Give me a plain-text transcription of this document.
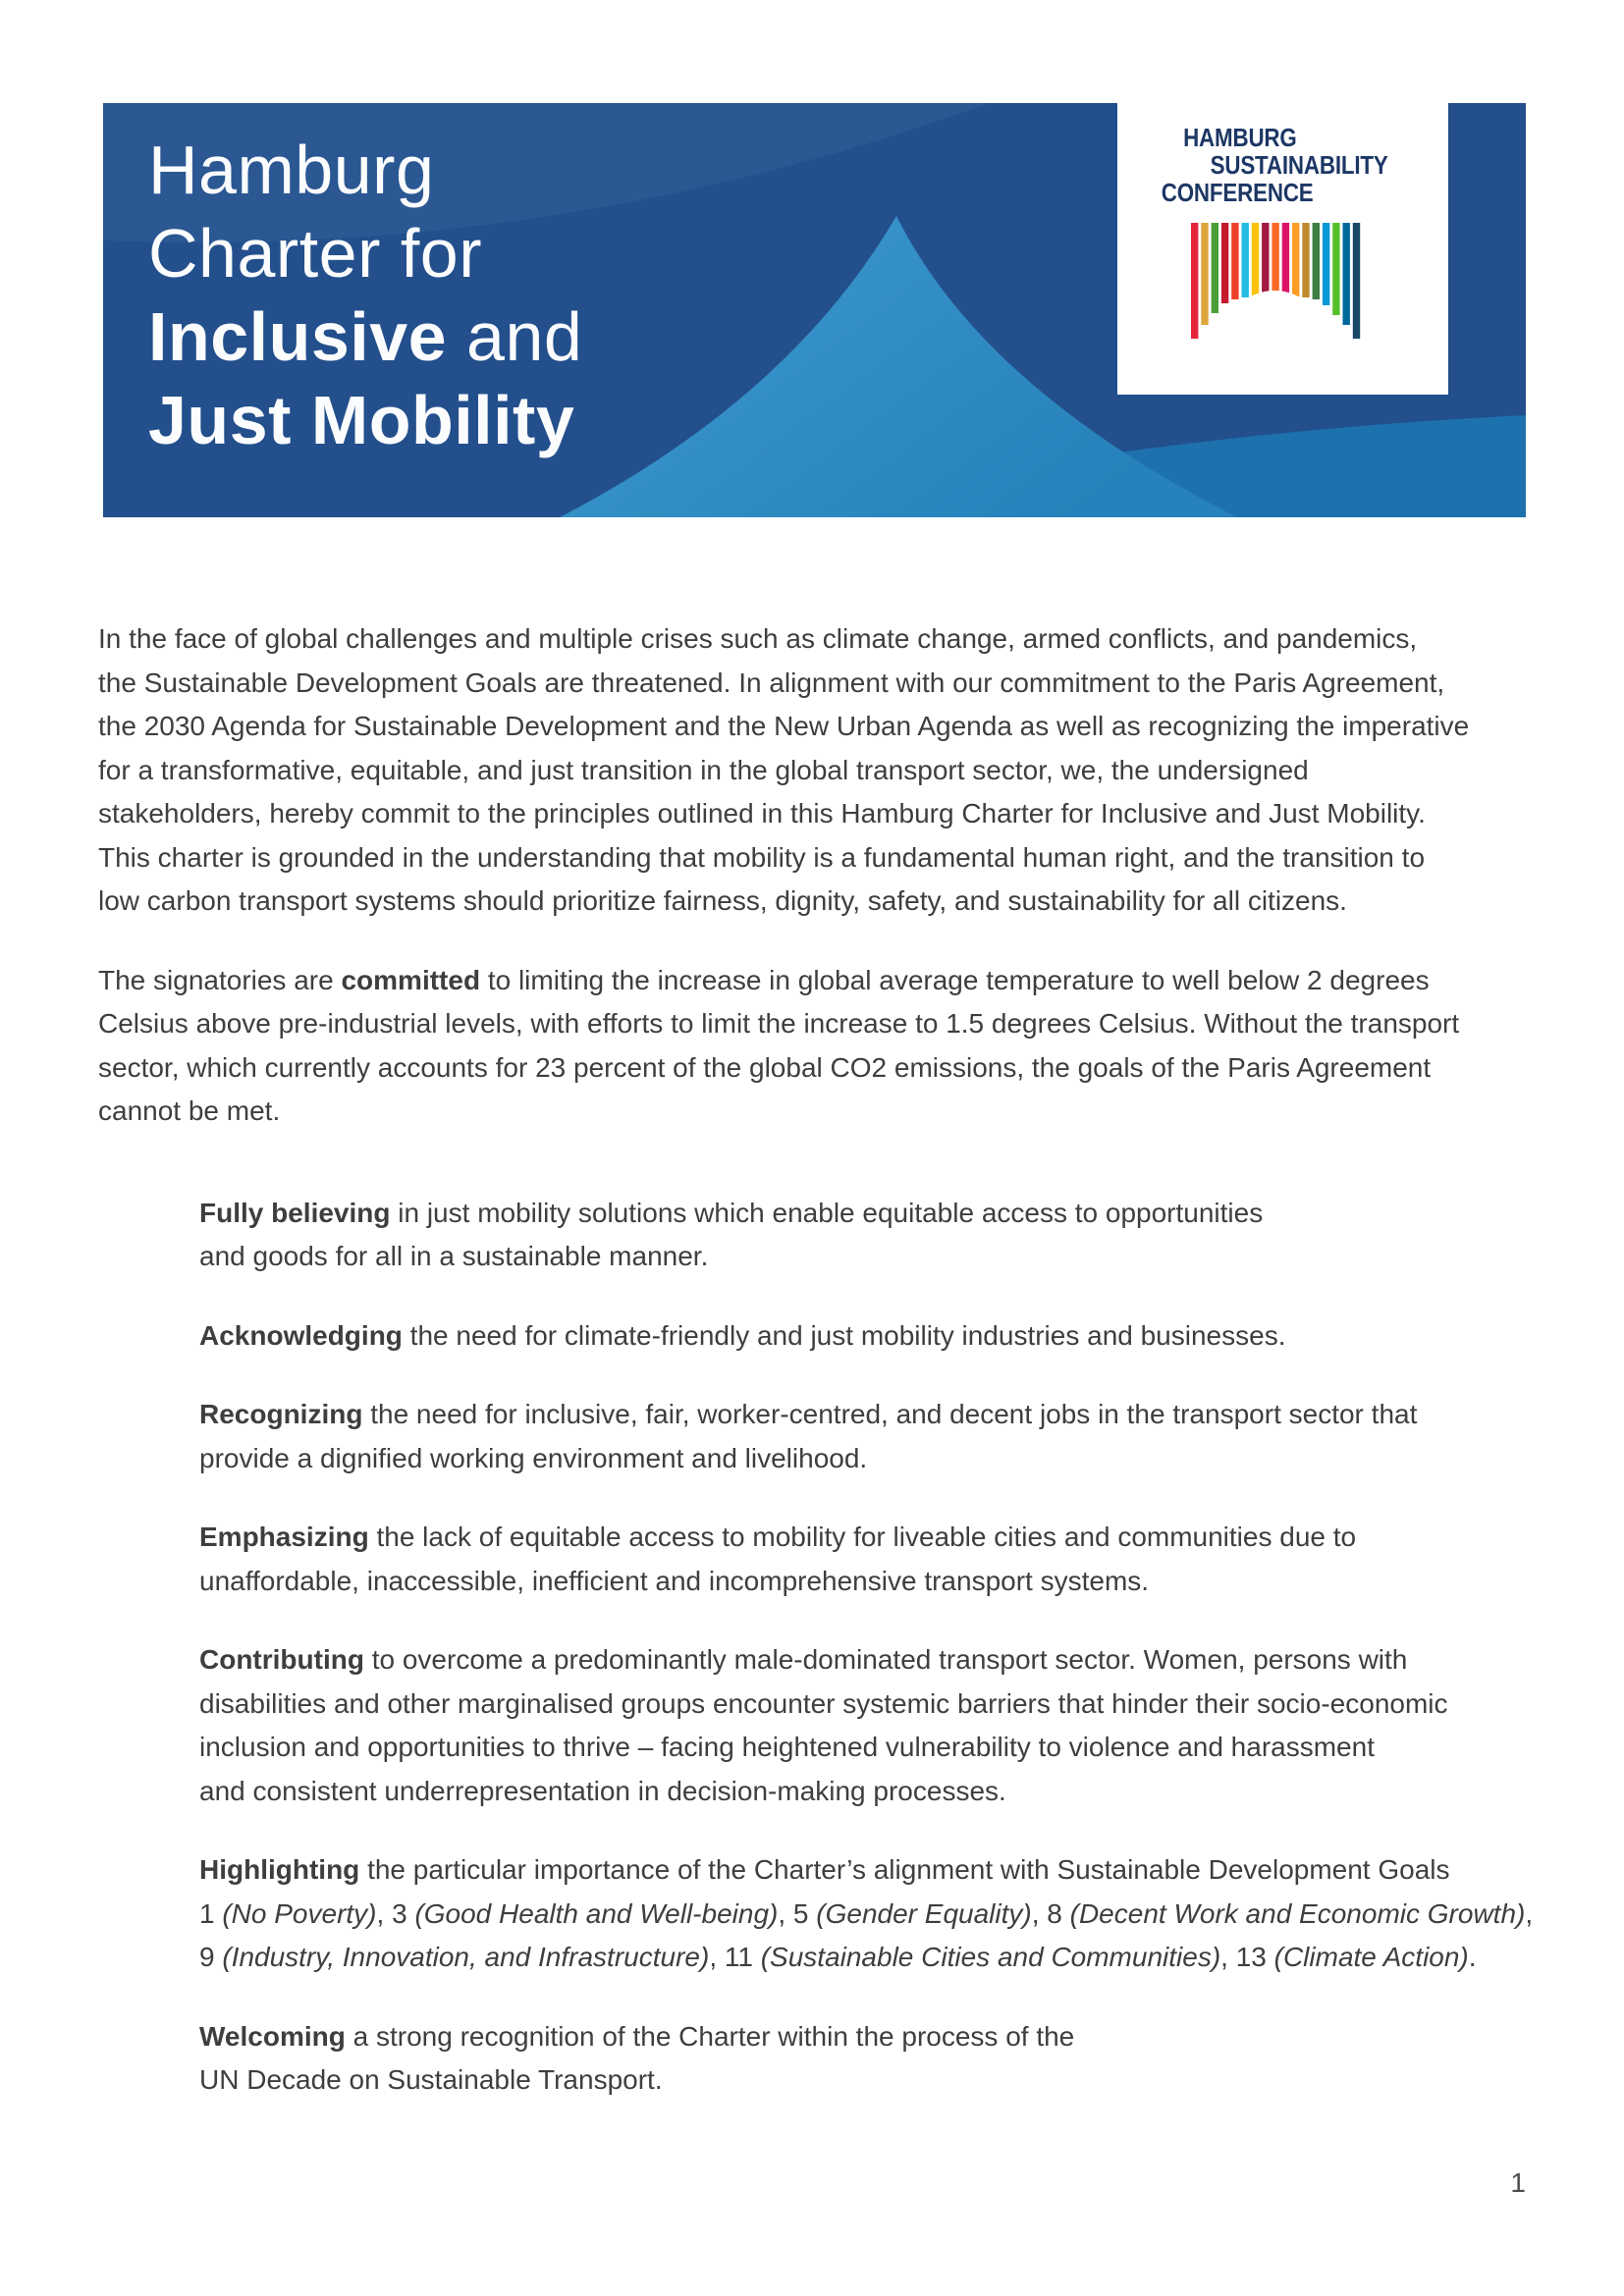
Hamburg
Charter for
Inclusive and
Just Mobility
HAMBURG
SUSTAINABILITY
CONFERENCE

In the face of global challenges and multiple crises such as climate change, armed conflicts, and pandemics,
the Sustainable Development Goals are threatened. In alignment with our commitment to the Paris Agreement,
the 2030 Agenda for Sustainable Development and the New Urban Agenda as well as recognizing the imperative
for a transformative, equitable, and just transition in the global transport sector, we, the undersigned
stakeholders, hereby commit to the principles outlined in this Hamburg Charter for Inclusive and Just Mobility.
This charter is grounded in the understanding that mobility is a fundamental human right, and the transition to
low carbon transport systems should prioritize fairness, dignity, safety, and sustainability for all citizens.

The signatories are committed to limiting the increase in global average temperature to well below 2 degrees
Celsius above pre-industrial levels, with efforts to limit the increase to 1.5 degrees Celsius. Without the transport
sector, which currently accounts for 23 percent of the global CO2 emissions, the goals of the Paris Agreement
cannot be met.

Fully believing in just mobility solutions which enable equitable access to opportunities
and goods for all in a sustainable manner.

Acknowledging the need for climate-friendly and just mobility industries and businesses.

Recognizing the need for inclusive, fair, worker-centred, and decent jobs in the transport sector that
provide a dignified working environment and livelihood.

Emphasizing the lack of equitable access to mobility for liveable cities and communities due to
unaffordable, inaccessible, inefficient and incomprehensive transport systems.

Contributing to overcome a predominantly male-dominated transport sector. Women, persons with
disabilities and other marginalised groups encounter systemic barriers that hinder their socio-economic
inclusion and opportunities to thrive – facing heightened vulnerability to violence and harassment
and consistent underrepresentation in decision-making processes.

Highlighting the particular importance of the Charter’s alignment with Sustainable Development Goals
1 (No Poverty), 3 (Good Health and Well-being), 5 (Gender Equality), 8 (Decent Work and Economic Growth),
9 (Industry, Innovation, and Infrastructure), 11 (Sustainable Cities and Communities), 13 (Climate Action).

Welcoming a strong recognition of the Charter within the process of the
UN Decade on Sustainable Transport.

1
